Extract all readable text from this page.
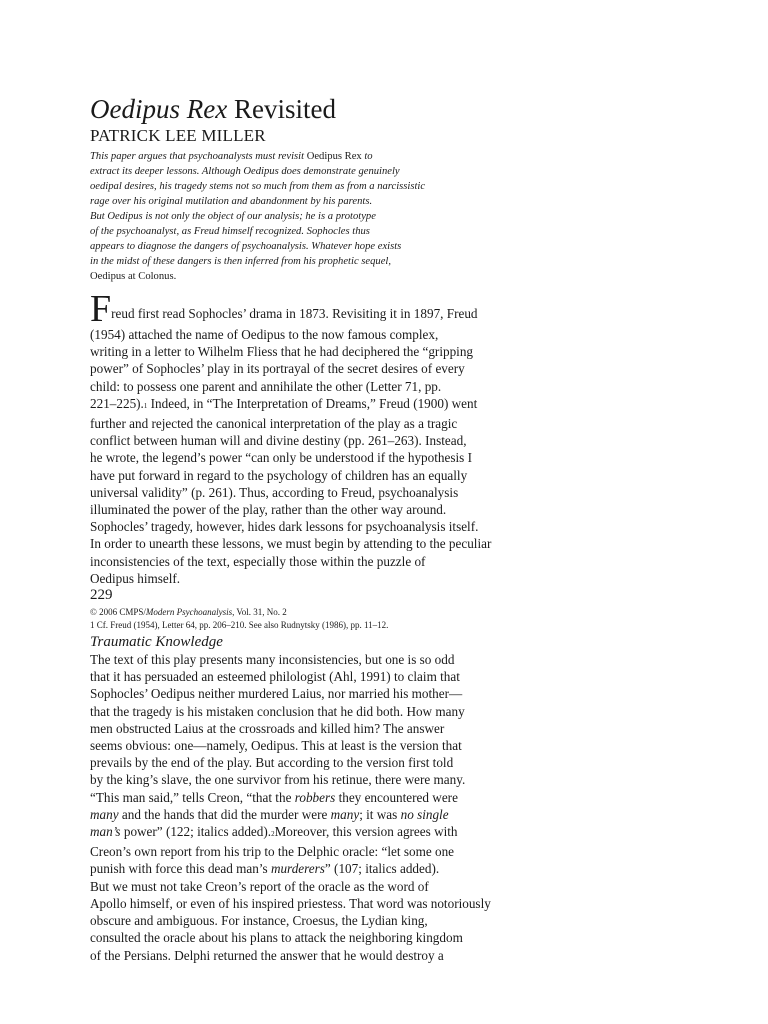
Oedipus Rex Revisited
PATRICK LEE MILLER
This paper argues that psychoanalysts must revisit Oedipus Rex to
extract its deeper lessons. Although Oedipus does demonstrate genuinely
oedipal desires, his tragedy stems not so much from them as from a narcissistic
rage over his original mutilation and abandonment by his parents.
But Oedipus is not only the object of our analysis; he is a prototype
of the psychoanalyst, as Freud himself recognized. Sophocles thus
appears to diagnose the dangers of psychoanalysis. Whatever hope exists
in the midst of these dangers is then inferred from his prophetic sequel,
Oedipus at Colonus.
Freud first read Sophocles’ drama in 1873. Revisiting it in 1897, Freud
(1954) attached the name of Oedipus to the now famous complex,
writing in a letter to Wilhelm Fliess that he had deciphered the “gripping
power” of Sophocles’ play in its portrayal of the secret desires of every
child: to possess one parent and annihilate the other (Letter 71, pp.
221–225).1 Indeed, in “The Interpretation of Dreams,” Freud (1900) went
further and rejected the canonical interpretation of the play as a tragic
conflict between human will and divine destiny (pp. 261–263). Instead,
he wrote, the legend’s power “can only be understood if the hypothesis I
have put forward in regard to the psychology of children has an equally
universal validity” (p. 261). Thus, according to Freud, psychoanalysis
illuminated the power of the play, rather than the other way around.
Sophocles’ tragedy, however, hides dark lessons for psychoanalysis itself.
In order to unearth these lessons, we must begin by attending to the peculiar
inconsistencies of the text, especially those within the puzzle of
Oedipus himself.
229
© 2006 CMPS/Modern Psychoanalysis, Vol. 31, No. 2
1 Cf. Freud (1954), Letter 64, pp. 206–210. See also Rudnytsky (1986), pp. 11–12.
Traumatic Knowledge
The text of this play presents many inconsistencies, but one is so odd
that it has persuaded an esteemed philologist (Ahl, 1991) to claim that
Sophocles’ Oedipus neither murdered Laius, nor married his mother—
that the tragedy is his mistaken conclusion that he did both. How many
men obstructed Laius at the crossroads and killed him? The answer
seems obvious: one—namely, Oedipus. This at least is the version that
prevails by the end of the play. But according to the version first told
by the king’s slave, the one survivor from his retinue, there were many.
“This man said,” tells Creon, “that the robbers they encountered were
many and the hands that did the murder were many; it was no single
man’s power” (122; italics added).2Moreover, this version agrees with
Creon’s own report from his trip to the Delphic oracle: “let some one
punish with force this dead man’s murderers” (107; italics added).
But we must not take Creon’s report of the oracle as the word of
Apollo himself, or even of his inspired priestess. That word was notoriously
obscure and ambiguous. For instance, Croesus, the Lydian king,
consulted the oracle about his plans to attack the neighboring kingdom
of the Persians. Delphi returned the answer that he would destroy a
